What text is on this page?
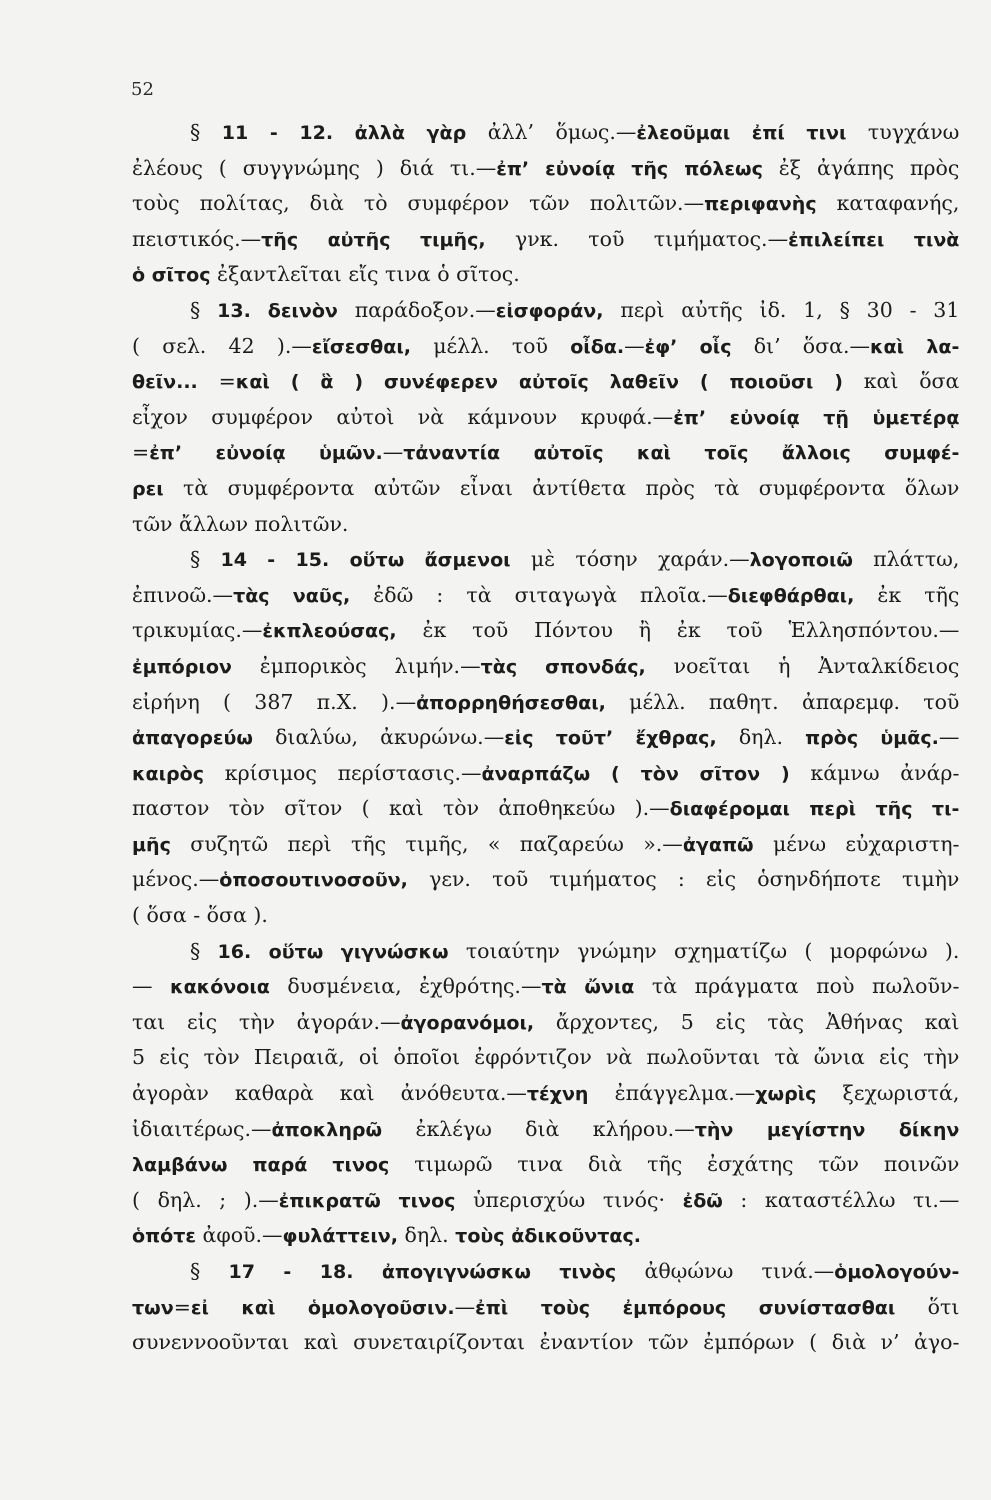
52
§ 11 - 12. ἀλλὰ γὰρ ἀλλ’ ὅμως.—ἐλεοῦμαι ἐπί τινι τυγχάνω
ἐλέους ( συγγνώμης ) διά τι.—ἐπ’ εὐνοίᾳ τῆς πόλεως ἐξ ἀγάπης πρὸς
τοὺς πολίτας, διὰ τὸ συμφέρον τῶν πολιτῶν.—περιφανὴς καταφανής,
πειστικός.—τῆς αὐτῆς τιμῆς, γνκ. τοῦ τιμήματος.—ἐπιλείπει τινὰ
ὁ σῖτος ἐξαντλεῖται εἴς τινα ὁ σῖτος.
§ 13. δεινὸν παράδοξον.—εἰσφοράν, περὶ αὐτῆς ἰδ. 1, § 30 - 31
( σελ. 42 ).—εἴσεσθαι, μέλλ. τοῦ οἶδα.—ἐφ’ οἷς δι’ ὅσα.—καὶ λα-
θεῖν... =καὶ ( ἃ ) συνέφερεν αὐτοῖς λαθεῖν ( ποιοῦσι ) καὶ ὅσα
εἶχον συμφέρον αὐτοὶ νὰ κάμνουν κρυφά.—ἐπ’ εὐνοίᾳ τῇ ὑμετέρᾳ
=ἐπ’ εὐνοίᾳ ὑμῶν.—τἀναντία αὐτοῖς καὶ τοῖς ἄλλοις συμφέ-
ρει τὰ συμφέροντα αὐτῶν εἶναι ἀντίθετα πρὸς τὰ συμφέροντα ὅλων
τῶν ἄλλων πολιτῶν.
§ 14 - 15. οὕτω ἄσμενοι μὲ τόσην χαράν.—λογοποιῶ πλάττω,
ἐπινοῶ.—τὰς ναῦς, ἐδῶ : τὰ σιταγωγὰ πλοῖα.—διεφθάρθαι, ἐκ τῆς
τρικυμίας.—ἐκπλεούσας, ἐκ τοῦ Πόντου ἢ ἐκ τοῦ Ἑλλησπόντου.—
ἐμπόριον ἐμπορικὸς λιμήν.—τὰς σπονδάς, νοεῖται ἡ Ἀνταλκίδειος
εἰρήνη ( 387 π.Χ. ).—ἀπορρηθήσεσθαι, μέλλ. παθητ. ἀπαρεμφ. τοῦ
ἀπαγορεύω διαλύω, ἀκυρώνω.—εἰς τοῦτ’ ἔχθρας, δηλ. πρὸς ὑμᾶς.—
καιρὸς κρίσιμος περίστασις.—ἀναρπάζω ( τὸν σῖτον ) κάμνω ἀνάρ-
παστον τὸν σῖτον ( καὶ τὸν ἀποθηκεύω ).—διαφέρομαι περὶ τῆς τι-
μῆς συζητῶ περὶ τῆς τιμῆς, « παζαρεύω ».—ἀγαπῶ μένω εὐχαριστη-
μένος.—ὁποσουτινοσοῦν, γεν. τοῦ τιμήματος : εἰς ὁσηνδήποτε τιμὴν
( ὅσα - ὅσα ).
§ 16. οὕτω γιγνώσκω τοιαύτην γνώμην σχηματίζω ( μορφώνω ).
— κακόνοια δυσμένεια, ἐχθρότης.—τὰ ὤνια τὰ πράγματα ποὺ πωλοῦν-
ται εἰς τὴν ἀγοράν.—ἀγορανόμοι, ἄρχοντες, 5 εἰς τὰς Ἀθήνας καὶ
5 εἰς τὸν Πειραιᾶ, οἱ ὁποῖοι ἐφρόντιζον νὰ πωλοῦνται τὰ ὤνια εἰς τὴν
ἀγορὰν καθαρὰ καὶ ἀνόθευτα.—τέχνη ἐπάγγελμα.—χωρὶς ξεχωριστά,
ἰδιαιτέρως.—ἀποκληρῶ ἐκλέγω διὰ κλήρου.—τὴν μεγίστην δίκην
λαμβάνω παρά τινος τιμωρῶ τινα διὰ τῆς ἐσχάτης τῶν ποινῶν
( δηλ. ; ).—ἐπικρατῶ τινος ὑπερισχύω τινός· ἐδῶ : καταστέλλω τι.—
ὁπότε ἀφοῦ.—φυλάττειν, δηλ. τοὺς ἀδικοῦντας.
§ 17 - 18. ἀπογιγνώσκω τινὸς ἀθῳώνω τινά.—ὁμολογούν-
των=εἰ καὶ ὁμολογοῦσιν.—ἐπὶ τοὺς ἐμπόρους συνίστασθαι ὅτι
συνεννοοῦνται καὶ συνεταιρίζονται ἐναντίον τῶν ἐμπόρων ( διὰ ν’ ἀγο-
